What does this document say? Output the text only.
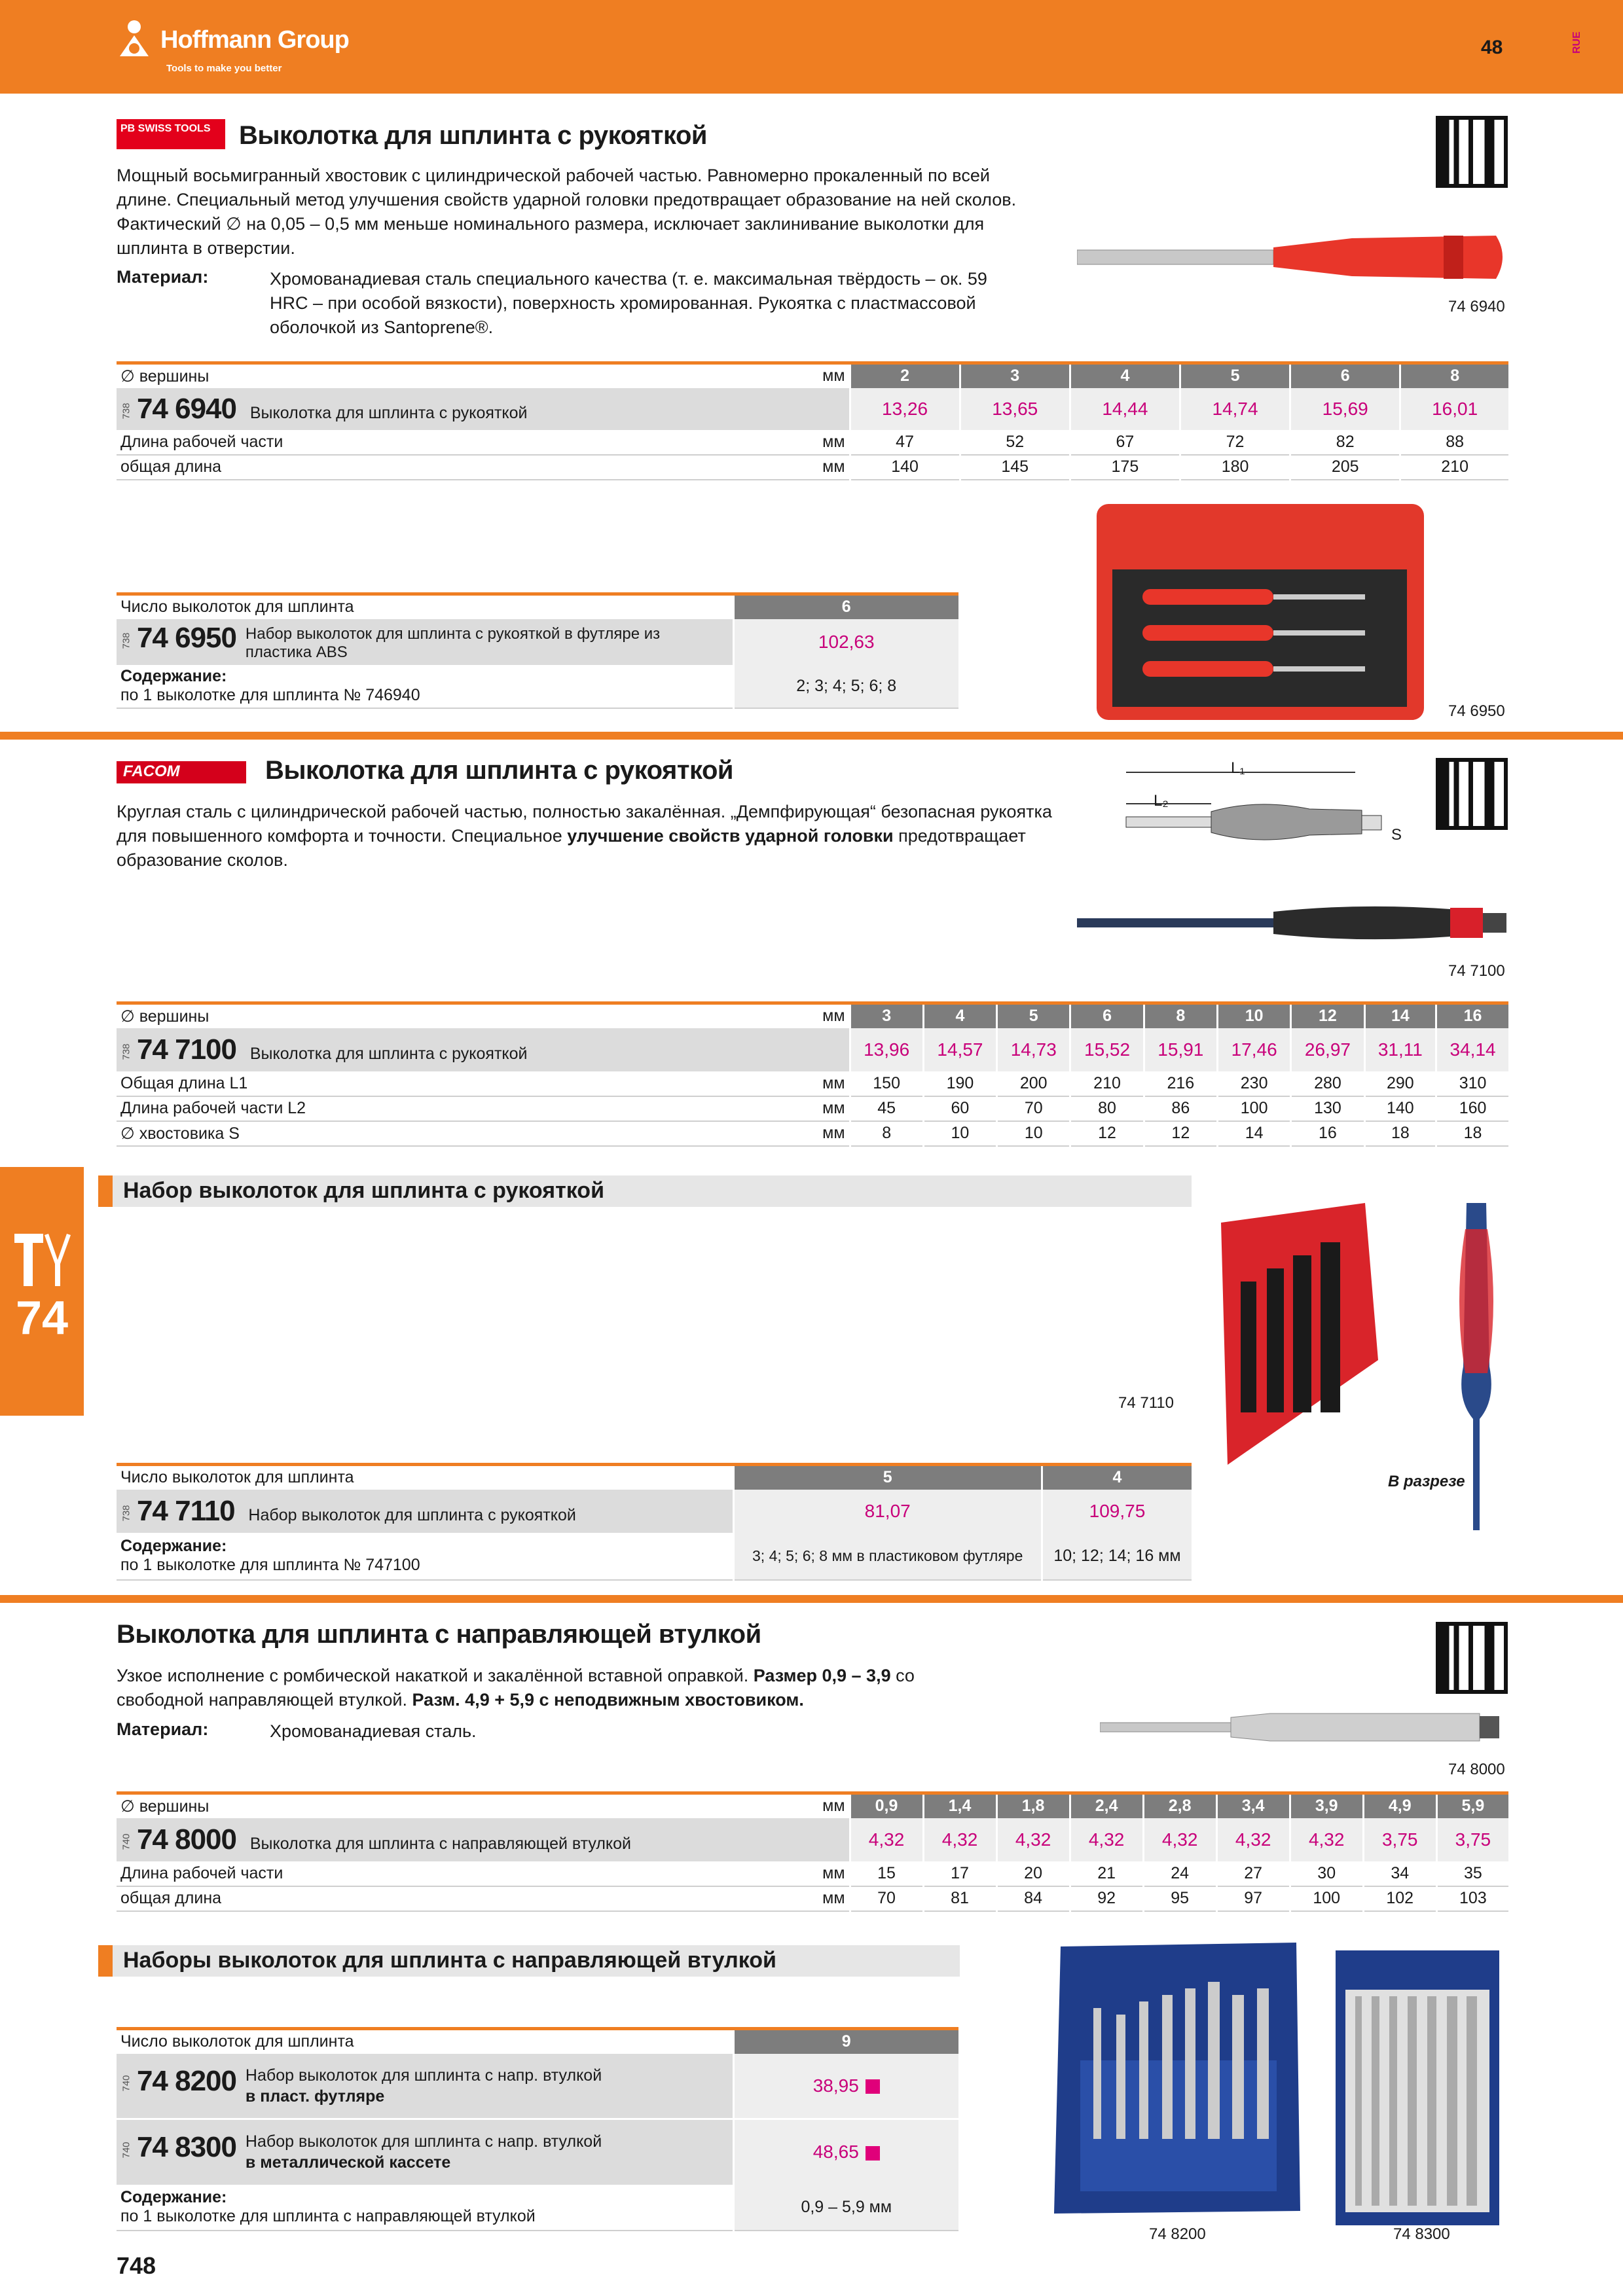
Hoffmann Group
Tools to make you better
48	RUE
74
PB SWISS TOOLS	Выколотка для шплинта с рукояткой
Мощный восьмигранный хвостовик с цилиндрической рабочей частью. Равномерно прокаленный по всей длине. Специальный метод улучшения свойств ударной головки предотвращает образование на ней сколов. Фактический ∅ на 0,05 – 0,5 мм меньше номинального размера, исключает заклинивание выколотки для шплинта в отверстии.
Материал:	Хромованадиевая сталь специального качества (т. е. максимальная твёрдость – ок. 59 HRC – при особой вязкости), поверхность хромированная. Рукоятка с пластмассовой оболочкой из Santoprene®.
74 6940
∅ вершины	мм	2	3	4	5	6	8
738 74 6940 Выколотка для шплинта с рукояткой		13,26	13,65	14,44	14,74	15,69	16,01
Длина рабочей части	мм	47	52	67	72	82	88
общая длина	мм	140	145	175	180	205	210
74 6950
Число выколоток для шплинта	6
738 74 6950 Набор выколоток для шплинта с рукояткой в футляре из пластика ABS	102,63
Содержание:
по 1 выколотке для шплинта № 746940	2; 3; 4; 5; 6; 8
FACOM	Выколотка для шплинта с рукояткой
Круглая сталь с цилиндрической рабочей частью, полностью закалённая. „Демпфирующая“ безопасная рукоятка для повышенного комфорта и точности. Специальное улучшение свойств ударной головки предотвращает образование сколов.
L₁
L₂
S
74 7100
∅ вершины	мм	3	4	5	6	8	10	12	14	16
738 74 7100 Выколотка для шплинта с рукояткой		13,96	14,57	14,73	15,52	15,91	17,46	26,97	31,11	34,14
Общая длина L1	мм	150	190	200	210	216	230	280	290	310
Длина рабочей части L2	мм	45	60	70	80	86	100	130	140	160
∅ хвостовика S	мм	8	10	10	12	12	14	16	18	18
Набор выколоток для шплинта с рукояткой
74 7110
В разрезе
Число выколоток для шплинта	5	4
738 74 7110 Набор выколоток для шплинта с рукояткой	81,07	109,75
Содержание:
по 1 выколотке для шплинта № 747100	3; 4; 5; 6; 8 мм в пластиковом футляре	10; 12; 14; 16 мм
Выколотка для шплинта с направляющей втулкой
Узкое исполнение с ромбической накаткой и закалённой вставной оправкой. Размер 0,9 – 3,9 со свободной направляющей втулкой. Разм. 4,9 + 5,9 с неподвижным хвостовиком.
Материал:	Хромованадиевая сталь.
74 8000
∅ вершины	мм	0,9	1,4	1,8	2,4	2,8	3,4	3,9	4,9	5,9
740 74 8000 Выколотка для шплинта с направляющей втулкой		4,32	4,32	4,32	4,32	4,32	4,32	4,32	3,75	3,75
Длина рабочей части	мм	15	17	20	21	24	27	30	34	35
общая длина	мм	70	81	84	92	95	97	100	102	103
Наборы выколоток для шплинта с направляющей втулкой
74 8200	74 8300
Число выколоток для шплинта	9
740 74 8200 Набор выколоток для шплинта с напр. втулкой
в пласт. футляре	38,95
740 74 8300 Набор выколоток для шплинта с напр. втулкой
в металлической кассете	48,65
Содержание:
по 1 выколотке для шплинта с направляющей втулкой	0,9 – 5,9 мм
748
